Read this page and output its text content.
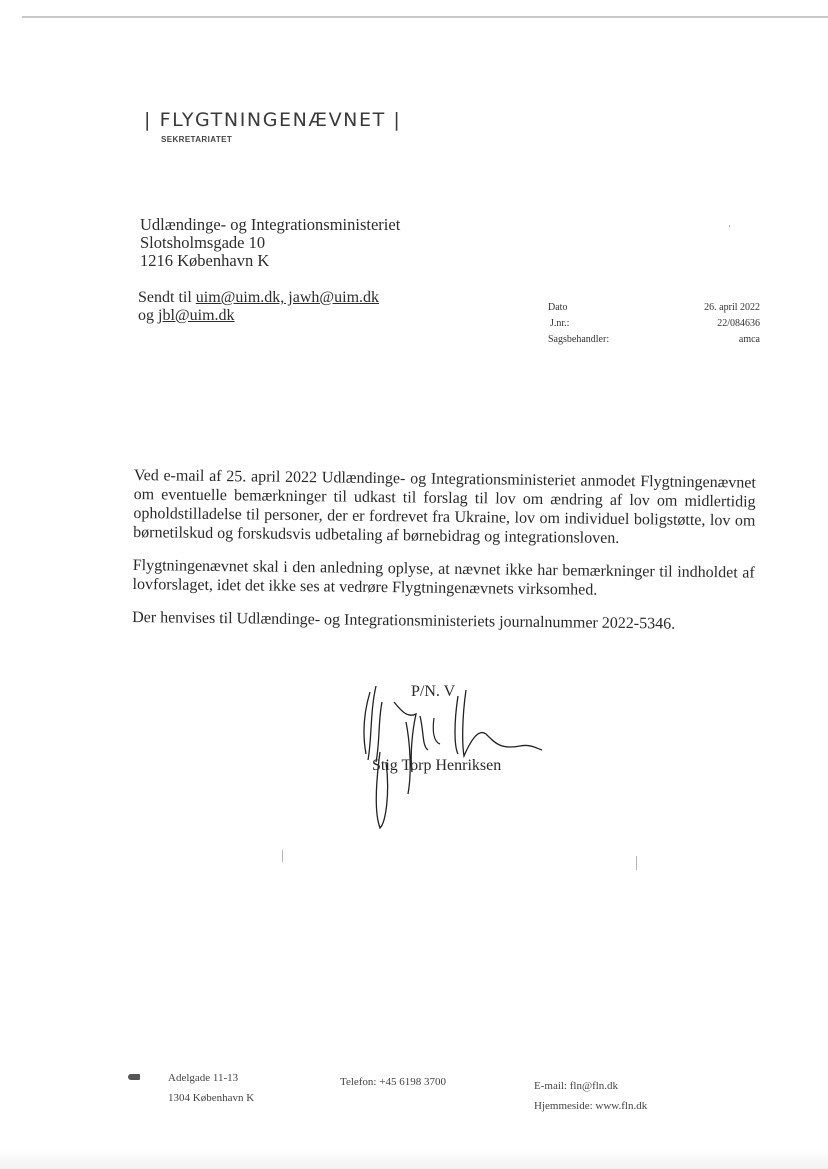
| FLYGTNINGENÆVNET |
SEKRETARIATET
Udlændinge- og Integrationsministeriet
Slotsholmsgade 10
1216 København K
Sendt til uim@uim.dk, jawh@uim.dk
og jbl@uim.dk	Dato	26. april 2022
J.nr.:	22/084636
Sagsbehandler:	amca

Ved e-mail af 25. april 2022 Udlændinge- og Integrationsministeriet anmodet Flygtningenævnet om eventuelle bemærkninger til udkast til forslag til lov om ændring af lov om midlertidig opholdstilladelse til personer, der er fordrevet fra Ukraine, lov om individuel boligstøtte, lov om børnetilskud og forskudsvis udbetaling af børnebidrag og integrationsloven.

Flygtningenævnet skal i den anledning oplyse, at nævnet ikke har bemærkninger til indholdet af lovforslaget, idet det ikke ses at vedrøre Flygtningenævnets virksomhed.

Der henvises til Udlændinge- og Integrationsministeriets journalnummer 2022-5346.

P/N. V
Stig Torp Henriksen
Adelgade 11-13
1304 København K
Telefon: +45 6198 3700	E-mail: fln@fln.dk
Hjemmeside: www.fln.dk
